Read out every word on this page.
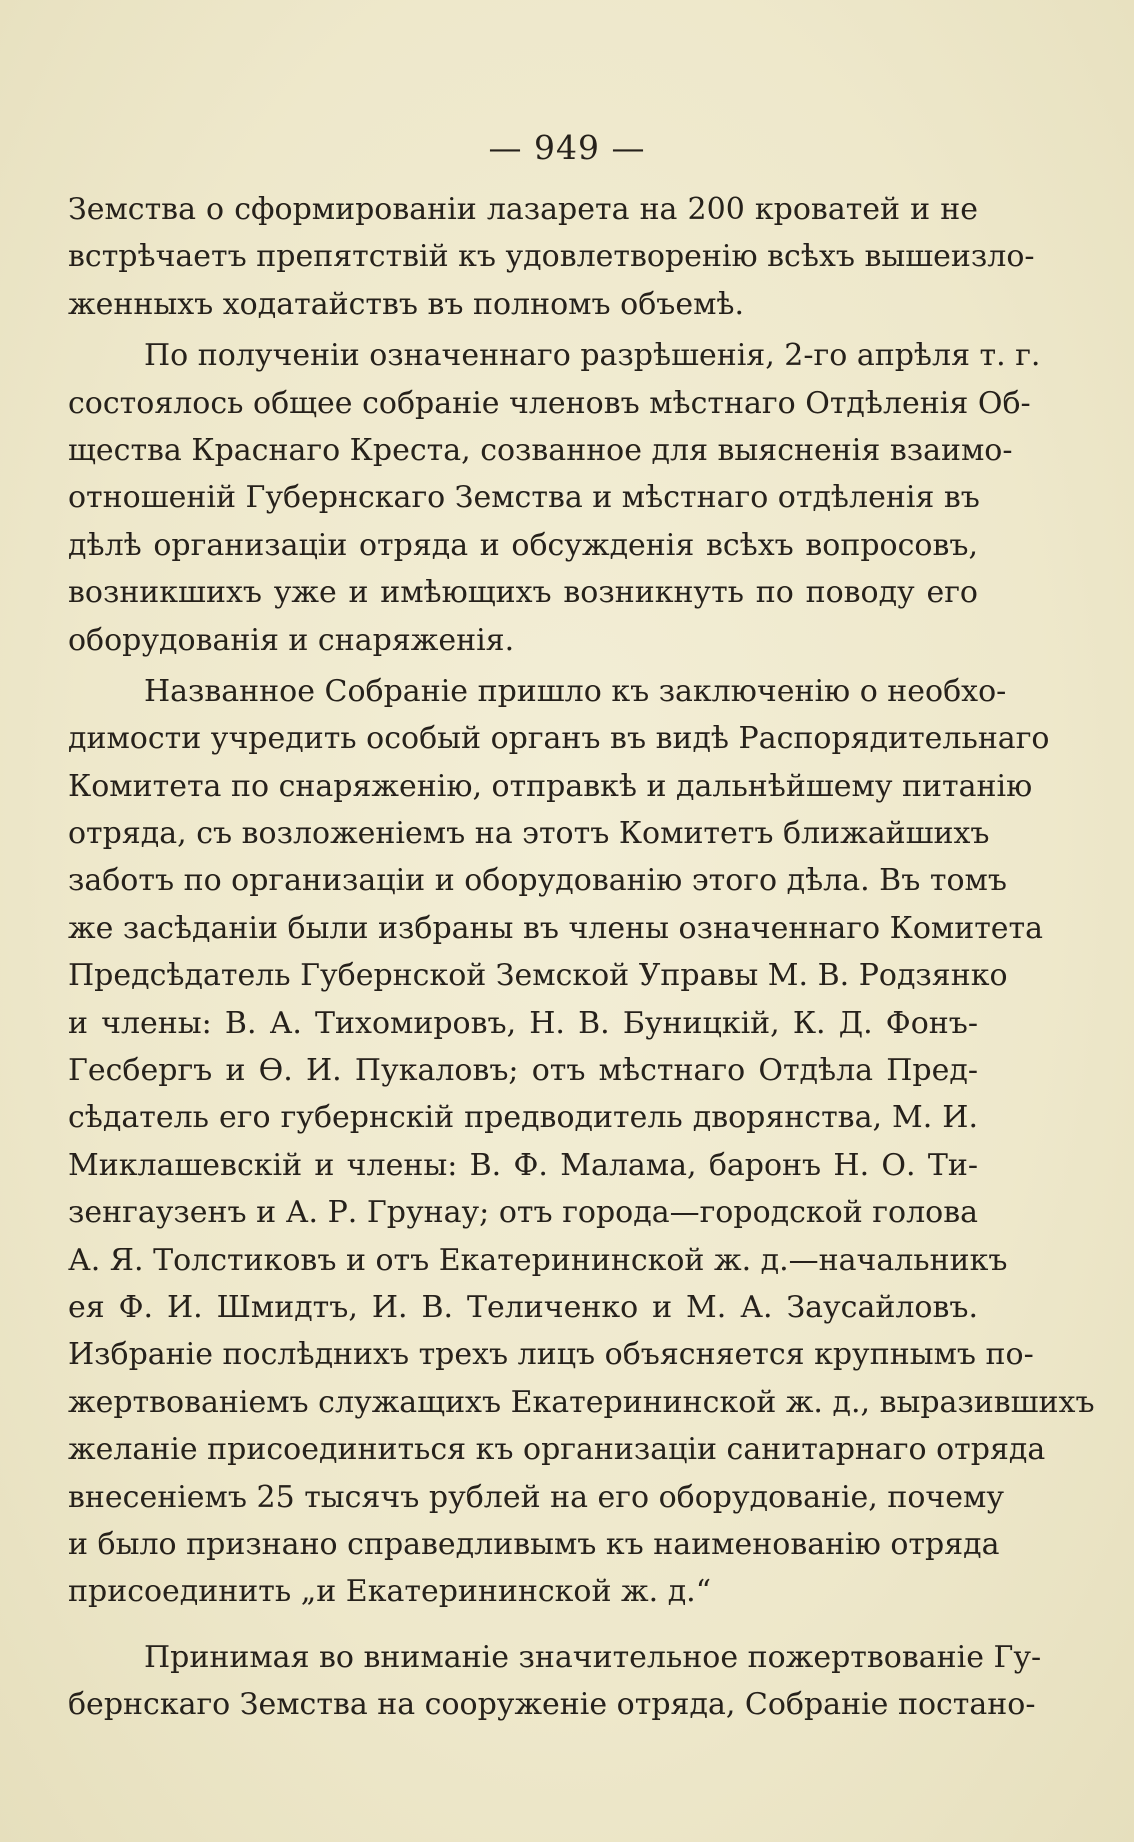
— 949 —
Земства о сформированіи лазарета на 200 кроватей и не
встрѣчаетъ препятствій къ удовлетворенію всѣхъ вышеизло-
женныхъ ходатайствъ въ полномъ объемѣ.
По полученіи означеннаго разрѣшенія, 2-го апрѣля т. г.
состоялось общее собраніе членовъ мѣстнаго Отдѣленія Об-
щества Краснаго Креста, созванное для выясненія взаимо-
отношеній Губернскаго Земства и мѣстнаго отдѣленія въ
дѣлѣ организаціи отряда и обсужденія всѣхъ вопросовъ,
возникшихъ уже и имѣющихъ возникнуть по поводу его
оборудованія и снаряженія.
Названное Собраніе пришло къ заключенію о необхо-
димости учредить особый органъ въ видѣ Распорядительнаго
Комитета по снаряженію, отправкѣ и дальнѣйшему питанію
отряда, съ возложеніемъ на этотъ Комитетъ ближайшихъ
заботъ по организаціи и оборудованію этого дѣла. Въ томъ
же засѣданіи были избраны въ члены означеннаго Комитета
Предсѣдатель Губернской Земской Управы М. В. Родзянко
и члены: В. А. Тихомировъ, Н. В. Буницкій, К. Д. Фонъ-
Гесбергъ и Ѳ. И. Пукаловъ; отъ мѣстнаго Отдѣла Пред-
сѣдатель его губернскій предводитель дворянства, М. И.
Миклашевскій и члены: В. Ф. Малама, баронъ Н. О. Ти-
зенгаузенъ и А. Р. Грунау; отъ города—городской голова
А. Я. Толстиковъ и отъ Екатерининской ж. д.—начальникъ
ея Ф. И. Шмидтъ, И. В. Теличенко и М. А. Заусайловъ.
Избраніе послѣднихъ трехъ лицъ объясняется крупнымъ по-
жертвованіемъ служащихъ Екатерининской ж. д., выразившихъ
желаніе присоединиться къ организаціи санитарнаго отряда
внесеніемъ 25 тысячъ рублей на его оборудованіе, почему
и было признано справедливымъ къ наименованію отряда
присоединить „и Екатерининской ж. д.“
Принимая во вниманіе значительное пожертвованіе Гу-
бернскаго Земства на сооруженіе отряда, Собраніе постано-
